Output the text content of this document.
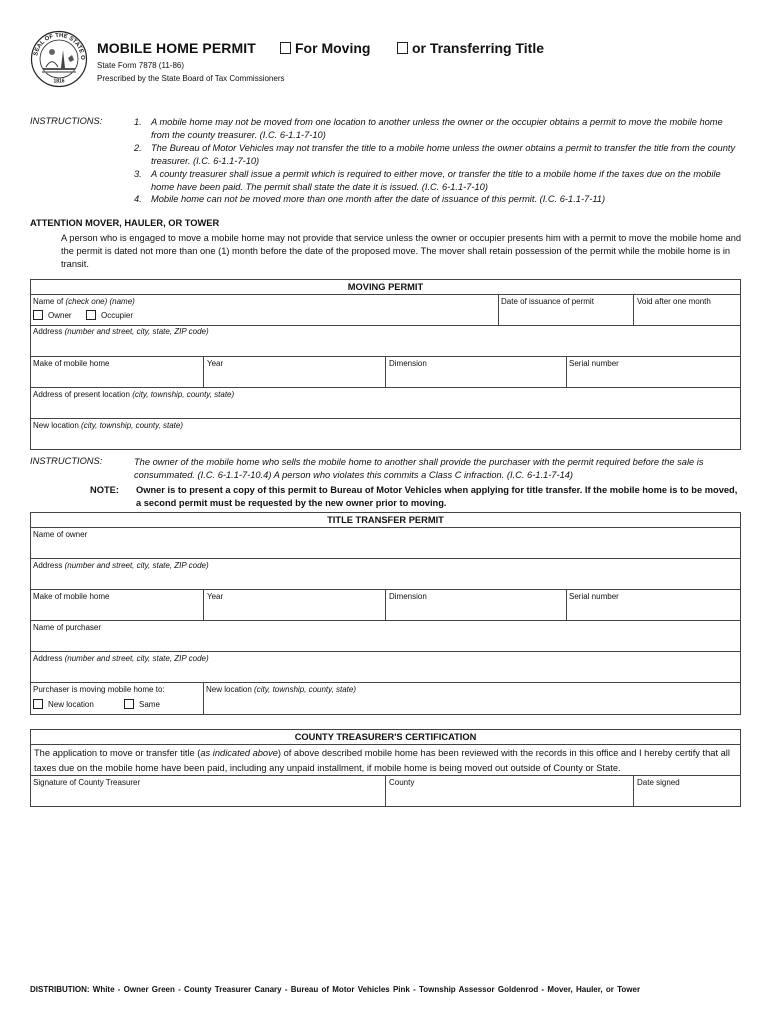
SEAL OF THE STATE O
1816
MOBILE HOME PERMIT	For Moving	or Transferring Title
State Form 7878 (11-86)
Prescribed by the State Board of Tax Commissioners
INSTRUCTIONS:	1. A mobile home may not be moved from one location to another unless the owner or the occupier obtains a permit to move the mobile home from the county treasurer. (I.C. 6-1.1-7-10)
2. The Bureau of Motor Vehicles may not transfer the title to a mobile home unless the owner obtains a permit to transfer the title from the county treasurer. (I.C. 6-1.1-7-10)
3. A county treasurer shall issue a permit which is required to either move, or transfer the title to a mobile home if the taxes due on the mobile home have been paid. The permit shall state the date it is issued. (I.C. 6-1.1-7-10)
4. Mobile home can not be moved more than one month after the date of issuance of this permit. (I.C. 6-1.1-7-11)
ATTENTION MOVER, HAULER, OR TOWER
A person who is engaged to move a mobile home may not provide that service unless the owner or occupier presents him with a permit to move the mobile home and the permit is dated not more than one (1) month before the date of the proposed move. The mover shall retain possession of the permit while the mobile home is in transit.
MOVING PERMIT
Name of (check one) (name)
Owner	Occupier
Date of issuance of permit	Void after one month
Address (number and street, city, state, ZIP code)
Make of mobile home	Year	Dimension	Serial number
Address of present location (city, township, county, state)
New location (city, township, county, state)
INSTRUCTIONS:	The owner of the mobile home who sells the mobile home to another shall provide the purchaser with the permit required before the sale is consummated. (I.C. 6-1.1-7-10.4) A person who violates this commits a Class C infraction. (I.C. 6-1.1-7-14)
NOTE: Owner is to present a copy of this permit to Bureau of Motor Vehicles when applying for title transfer. If the mobile home is to be moved, a second permit must be requested by the new owner prior to moving.
TITLE TRANSFER PERMIT
Name of owner
Address (number and street, city, state, ZIP code)
Make of mobile home	Year	Dimension	Serial number
Name of purchaser
Address (number and street, city, state, ZIP code)
Purchaser is moving mobile home to:
New location	Same
New location (city, township, county, state)
COUNTY TREASURER'S CERTIFICATION
The application to move or transfer title (as indicated above) of above described mobile home has been reviewed with the records in this office and I hereby certify that all taxes due on the mobile home have been paid, including any unpaid installment, if mobile home is being moved out outside of County or State.
Signature of County Treasurer	County	Date signed
DISTRIBUTION: White - Owner Green - County Treasurer Canary - Bureau of Motor Vehicles Pink - Township Assessor Goldenrod - Mover, Hauler, or Tower
